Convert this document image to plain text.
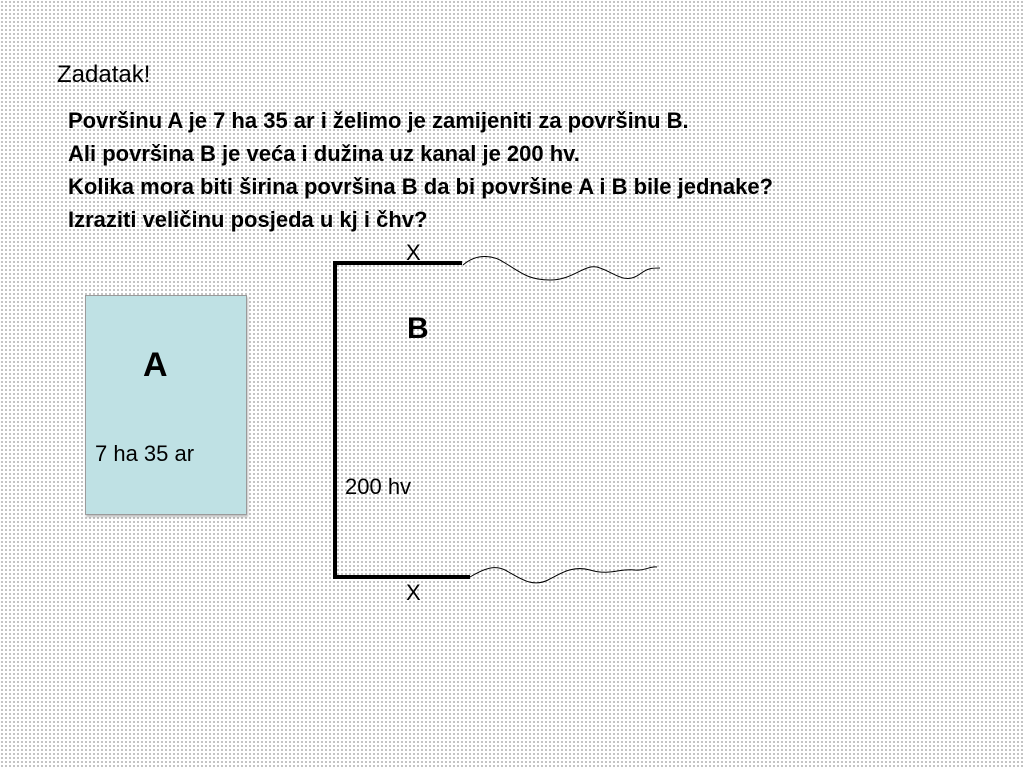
Zadatak!
Površinu A je 7 ha 35 ar i želimo je zamijeniti za površinu B.
Ali površina B je veća i dužina uz kanal je 200 hv.
Kolika mora biti širina površina B da bi površine A i B bile jednake?
Izraziti veličinu posjeda u kj i čhv?
A
7 ha 35 ar
X
B
200 hv
X
